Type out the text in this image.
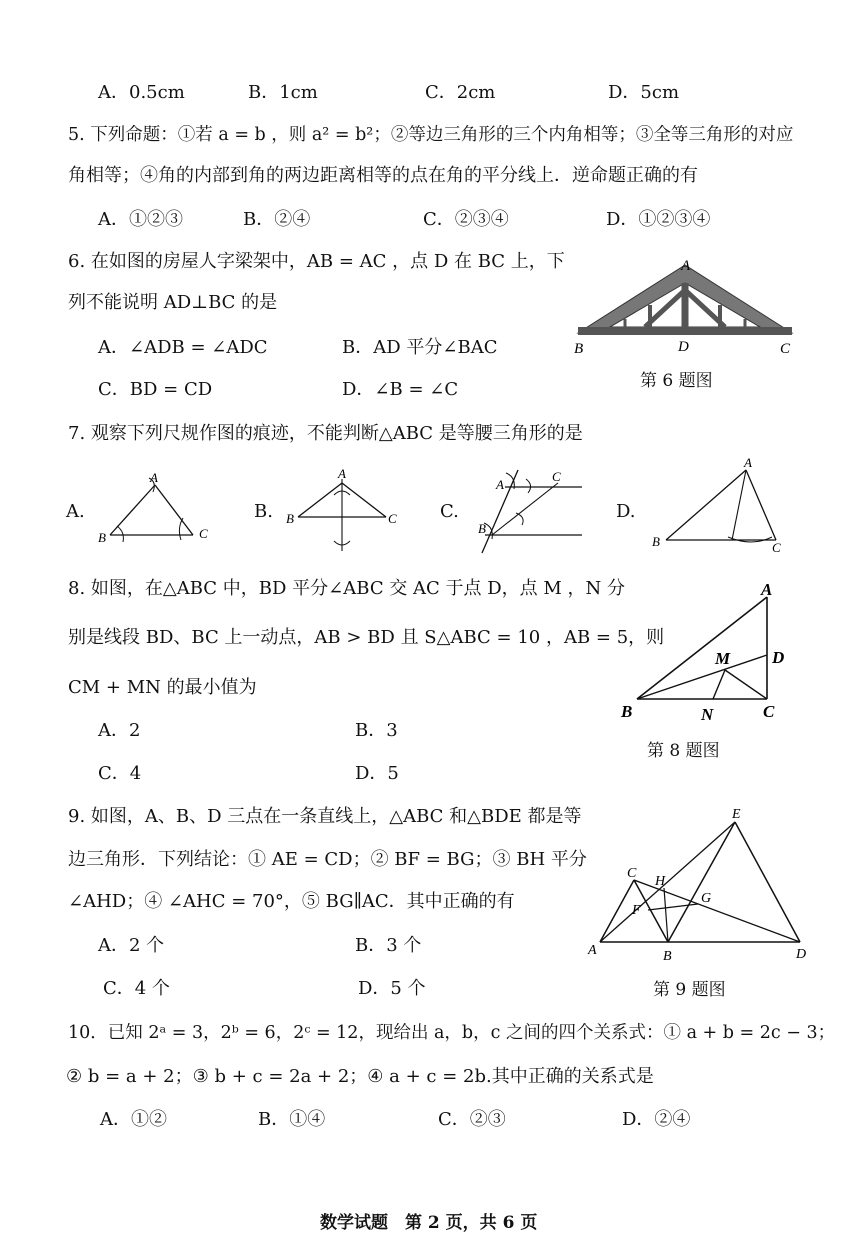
A．0.5cm	B．1cm	C．2cm	D．5cm
5. 下列命题：①若 a = b ，则 a² = b²；②等边三角形的三个内角相等；③全等三角形的对应
角相等；④角的内部到角的两边距离相等的点在角的平分线上．逆命题正确的有
A．①②③	B．②④	C．②③④	D．①②③④
6. 在如图的房屋人字梁架中，AB = AC ，点 D 在 BC 上，下
列不能说明 AD⊥BC 的是
A．∠ADB = ∠ADC	B．AD 平分∠BAC
C．BD = CD	D．∠B = ∠C
A
B	D	C
第 6 题图
7. 观察下列尺规作图的痕迹，不能判断△ABC 是等腰三角形的是
A.	B.	C.	D.
B
A
C
A
B	C
A
C
B
A
B	C
8. 如图，在△ABC 中，BD 平分∠ABC 交 AC 于点 D，点 M ，N 分
别是线段 BD、BC 上一动点，AB > BD 且 S△ABC = 10 ，AB = 5，则
CM + MN 的最小值为
A．2	B．3
C．4	D．5
A
D
M
B	N	C
第 8 题图
9. 如图，A、B、D 三点在一条直线上，△ABC 和△BDE 都是等
边三角形．下列结论：① AE = CD；② BF = BG；③ BH 平分
∠AHD；④ ∠AHC = 70°，⑤ BG∥AC．其中正确的有
A．2 个	B．3 个
C．4 个	D．5 个
E
C
H
F
G
A	B	D
第 9 题图
10．已知 2ᵃ = 3，2ᵇ = 6，2ᶜ = 12，现给出 a，b，c 之间的四个关系式：① a + b = 2c − 3；
② b = a + 2；③ b + c = 2a + 2；④ a + c = 2b.其中正确的关系式是
A．①②	B．①④	C．②③	D．②④
数学试题　第 2 页，共 6 页
